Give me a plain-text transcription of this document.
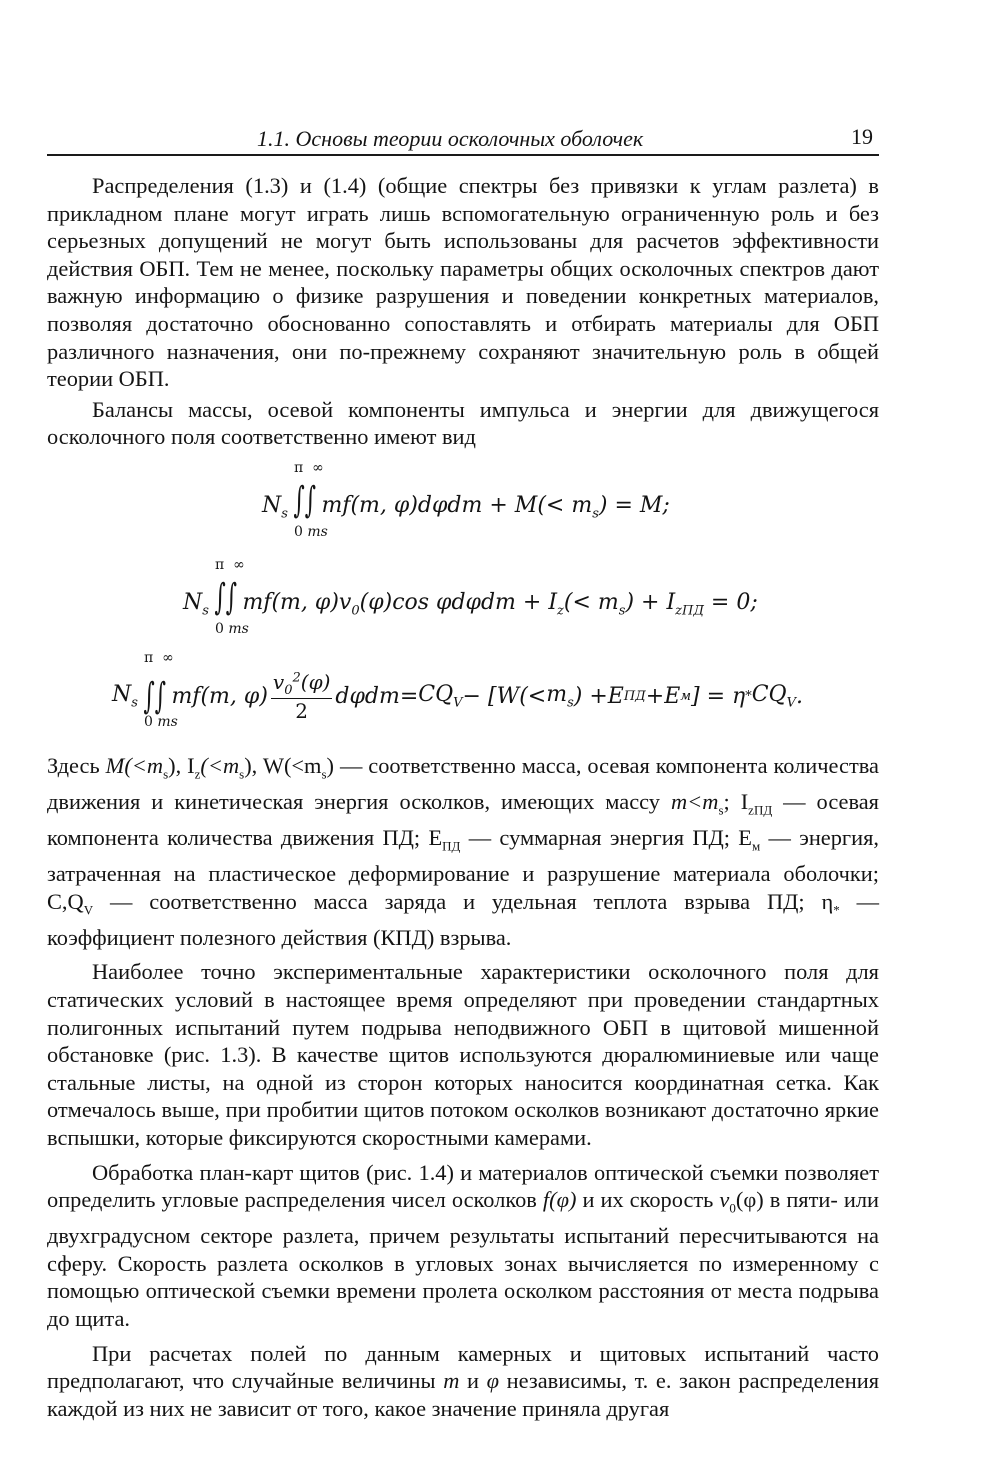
1.1. Основы теории осколочных оболочек	19

Распределения (1.3) и (1.4) (общие спектры без привязки к углам разлета) в прикладном плане могут играть лишь вспомогательную ограниченную роль и без серьезных допущений не могут быть использованы для расчетов эффективности действия ОБП. Тем не менее, поскольку параметры общих осколочных спектров дают важную информацию о физике разрушения и поведении конкретных материалов, позволяя достаточно обоснованно сопоставлять и отбирать материалы для ОБП различного назначения, они по-прежнему сохраняют значительную роль в общей теории ОБП.

Балансы массы, осевой компоненты импульса и энергии для движущегося осколочного поля соответственно имеют вид

$N_s$ ∫∫ mf(m, $\varphi)d\varphi dm + M(< m_s) = M$;
π ∞
0 ms
$N_s$ ∫∫ mf(m, $\varphi)v_0(\varphi)\cos$ $\varphi d\varphi dm + I_z(< m_s) + I_{zПД} = 0$;
π ∞
0 ms
$N_s$ ∫∫ mf ( m , $\varphi) \frac{v_0^2(\varphi)}{2}$ d φ dm = $CQ_V$ − [ W (< $m_s$ ) + E ПД + E м ] = η * $CQ_V$ .
π ∞
0 ms

Здесь $M(<m_s)$, $I_z(<m_s)$, $W(<m_s)$ — соответственно масса, осевая компонента количества движения и кинетическая энергия осколков, имеющих массу $m<m_s$; $I_{zПД}$ — осевая компонента количества движения ПД; $E_{ПД}$ — суммарная энергия ПД; $E_м$ — энергия, затраченная на пластическое деформирование и разрушение материала оболочки; $C,Q_V$ — соответственно масса заряда и удельная теплота взрыва ПД; $\eta_*$ — коэффициент полезного действия (КПД) взрыва.

Наиболее точно экспериментальные характеристики осколочного поля для статических условий в настоящее время определяют при проведении стандартных полигонных испытаний путем подрыва неподвижного ОБП в щитовой мишенной обстановке (рис. 1.3). В качестве щитов используются дюралюминиевые или чаще стальные листы, на одной из сторон которых наносится координатная сетка. Как отмечалось выше, при пробитии щитов потоком осколков возникают достаточно яркие вспышки, которые фиксируются скоростными камерами.

Обработка план-карт щитов (рис. 1.4) и материалов оптической съемки позволяет определить угловые распределения чисел осколков f(φ) и их скорость $v_0(\varphi)$ в пяти- или двухградусном секторе разлета, причем результаты испытаний пересчитываются на сферу. Скорость разлета осколков в угловых зонах вычисляется по измеренному с помощью оптической съемки времени пролета осколком расстояния от места подрыва до щита.

При расчетах полей по данным камерных и щитовых испытаний часто предполагают, что случайные величины m и φ независимы, т. е. закон распределения каждой из них не зависит от того, какое значение приняла другая
